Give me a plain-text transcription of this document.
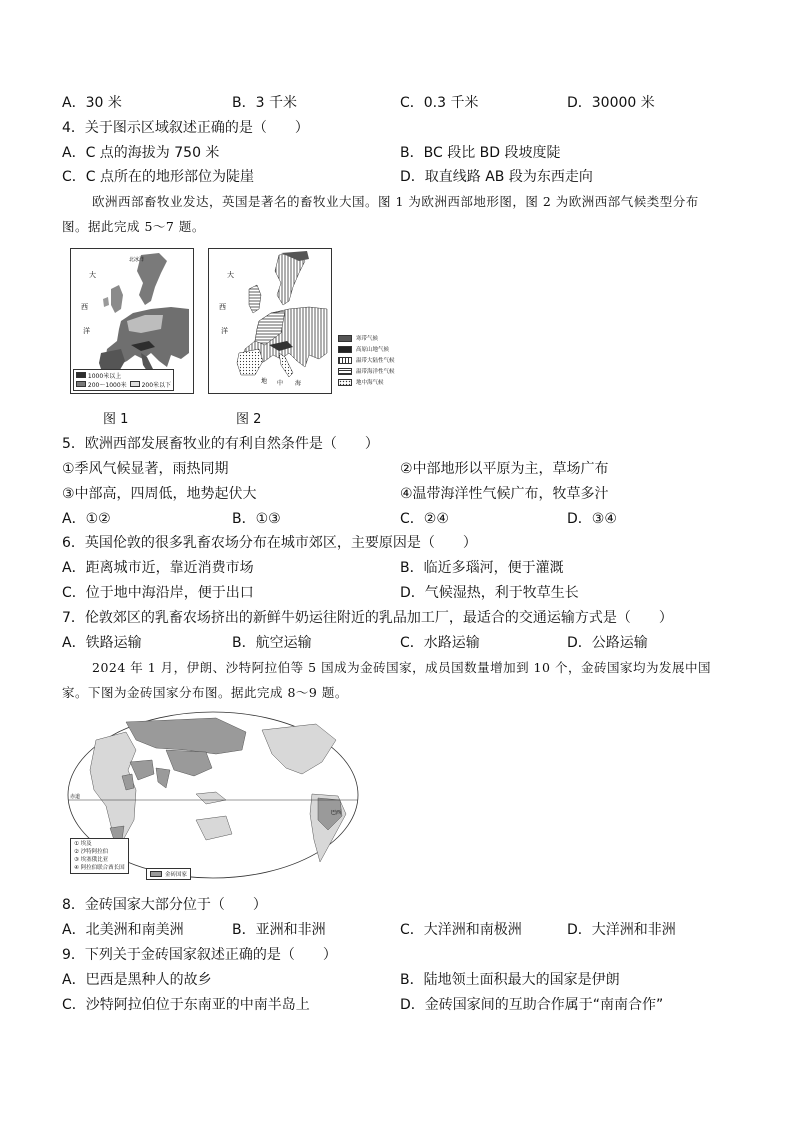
A．30 米	B．3 千米	C．0.3 千米	D．30000 米
4．关于图示区域叙述正确的是（　　）
A．C 点的海拔为 750 米	B．BC 段比 BD 段坡度陡
C．C 点所在的地形部位为陡崖	D．取直线路 AB 段为东西走向
欧洲西部畜牧业发达，英国是著名的畜牧业大国。图 1 为欧洲西部地形图，图 2 为欧洲西部气候类型分布
图。据此完成 5～7 题。
大
西
洋
北冰洋
1000米以上
200～1000米	200米以下
大
西
洋
地 中 海
寒带气候
高原山地气候
温带大陆性气候
温带海洋性气候
地中海气候
图 1	图 2
5．欧洲西部发展畜牧业的有利自然条件是（　　）
①季风气候显著，雨热同期	②中部地形以平原为主，草场广布
③中部高，四周低，地势起伏大	④温带海洋性气候广布，牧草多汁
A．①②	B．①③	C．②④	D．③④
6．英国伦敦的很多乳畜农场分布在城市郊区，主要原因是（　　）
A．距离城市近，靠近消费市场	B．临近多瑙河，便于灌溉
C．位于地中海沿岸，便于出口	D．气候湿热，利于牧草生长
7．伦敦郊区的乳畜农场挤出的新鲜牛奶运往附近的乳品加工厂，最适合的交通运输方式是（　　）
A．铁路运输	B．航空运输	C．水路运输	D．公路运输
2024 年 1 月，伊朗、沙特阿拉伯等 5 国成为金砖国家，成员国数量增加到 10 个，金砖国家均为发展中国
家。下图为金砖国家分布图。据此完成 8～9 题。
巴西
赤道
① 埃及
② 沙特阿拉伯
③ 埃塞俄比亚
④ 阿拉伯联合酋长国
金砖国家
8．金砖国家大部分位于（　　）
A．北美洲和南美洲	B．亚洲和非洲	C．大洋洲和南极洲	D．大洋洲和非洲
9．下列关于金砖国家叙述正确的是（　　）
A．巴西是黑种人的故乡	B．陆地领土面积最大的国家是伊朗
C．沙特阿拉伯位于东南亚的中南半岛上	D．金砖国家间的互助合作属于“南南合作”
